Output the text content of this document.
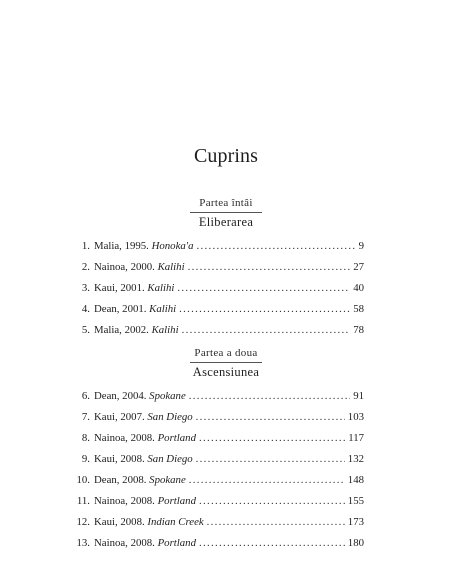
Cuprins
Partea întâi
Eliberarea
1. Malia, 1995. Honoka'a . . .	9
2. Nainoa, 2000. Kalihi . . .	27
3. Kaui, 2001. Kalihi . . .	40
4. Dean, 2001. Kalihi . . .	58
5. Malia, 2002. Kalihi . . .	78
Partea a doua
Ascensiunea
6. Dean, 2004. Spokane . . .	91
7. Kaui, 2007. San Diego . . .	103
8. Nainoa, 2008. Portland . . .	117
9. Kaui, 2008. San Diego . . .	132
10. Dean, 2008. Spokane . . .	148
11. Nainoa, 2008. Portland . . .	155
12. Kaui, 2008. Indian Creek . . .	173
13. Nainoa, 2008. Portland . . .	180
